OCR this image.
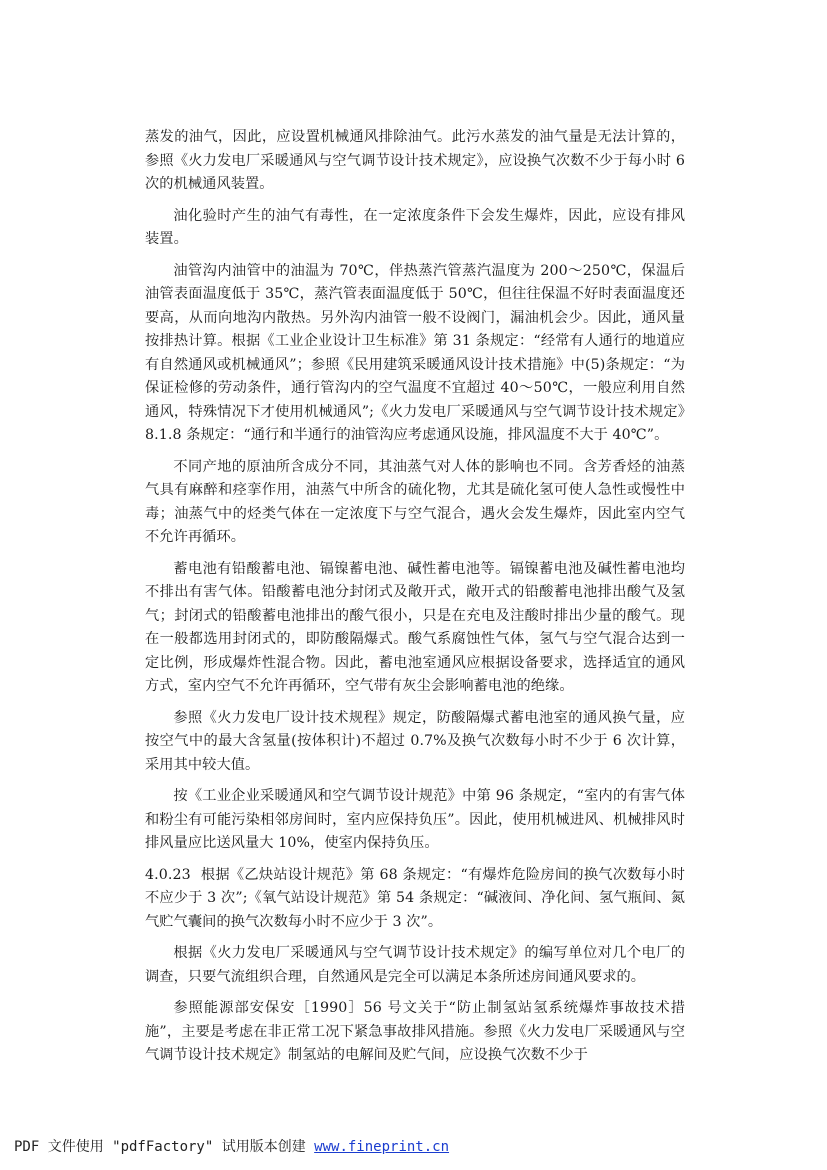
蒸发的油气，因此，应设置机械通风排除油气。此污水蒸发的油气量是无法计算的，参照《火力发电厂采暖通风与空气调节设计技术规定》，应设换气次数不少于每小时 6 次的机械通风装置。

油化验时产生的油气有毒性，在一定浓度条件下会发生爆炸，因此，应设有排风装置。

油管沟内油管中的油温为 70℃，伴热蒸汽管蒸汽温度为 200～250℃，保温后油管表面温度低于 35℃，蒸汽管表面温度低于 50℃，但往往保温不好时表面温度还要高，从而向地沟内散热。另外沟内油管一般不设阀门，漏油机会少。因此，通风量按排热计算。根据《工业企业设计卫生标准》第 31 条规定：“经常有人通行的地道应有自然通风或机械通风”；参照《民用建筑采暖通风设计技术措施》中(5)条规定：“为保证检修的劳动条件，通行管沟内的空气温度不宜超过 40～50℃，一般应利用自然通风，特殊情况下才使用机械通风”;《火力发电厂采暖通风与空气调节设计技术规定》8.1.8 条规定：“通行和半通行的油管沟应考虑通风设施，排风温度不大于 40℃”。

不同产地的原油所含成分不同，其油蒸气对人体的影响也不同。含芳香烃的油蒸气具有麻醉和痉挛作用，油蒸气中所含的硫化物，尤其是硫化氢可使人急性或慢性中毒；油蒸气中的烃类气体在一定浓度下与空气混合，遇火会发生爆炸，因此室内空气不允许再循环。

蓄电池有铅酸蓄电池、镉镍蓄电池、碱性蓄电池等。镉镍蓄电池及碱性蓄电池均不排出有害气体。铅酸蓄电池分封闭式及敞开式，敞开式的铅酸蓄电池排出酸气及氢气；封闭式的铅酸蓄电池排出的酸气很小，只是在充电及注酸时排出少量的酸气。现在一般都选用封闭式的，即防酸隔爆式。酸气系腐蚀性气体，氢气与空气混合达到一定比例，形成爆炸性混合物。因此，蓄电池室通风应根据设备要求，选择适宜的通风方式，室内空气不允许再循环，空气带有灰尘会影响蓄电池的绝缘。

参照《火力发电厂设计技术规程》规定，防酸隔爆式蓄电池室的通风换气量，应按空气中的最大含氢量(按体积计)不超过 0.7%及换气次数每小时不少于 6 次计算，采用其中较大值。

按《工业企业采暖通风和空气调节设计规范》中第 96 条规定，“室内的有害气体和粉尘有可能污染相邻房间时，室内应保持负压”。因此，使用机械进风、机械排风时排风量应比送风量大 10%，使室内保持负压。

4.0.23 根据《乙炔站设计规范》第 68 条规定：“有爆炸危险房间的换气次数每小时不应少于 3 次”;《氧气站设计规范》第 54 条规定：“碱液间、净化间、氢气瓶间、氮气贮气囊间的换气次数每小时不应少于 3 次”。

根据《火力发电厂采暖通风与空气调节设计技术规定》的编写单位对几个电厂的调查，只要气流组织合理，自然通风是完全可以满足本条所述房间通风要求的。

参照能源部安保安［1990］56 号文关于“防止制氢站氢系统爆炸事故技术措施”，主要是考虑在非正常工况下紧急事故排风措施。参照《火力发电厂采暖通风与空气调节设计技术规定》制氢站的电解间及贮气间，应设换气次数不少于

PDF 文件使用 "pdfFactory" 试用版本创建 www.fineprint.cn
